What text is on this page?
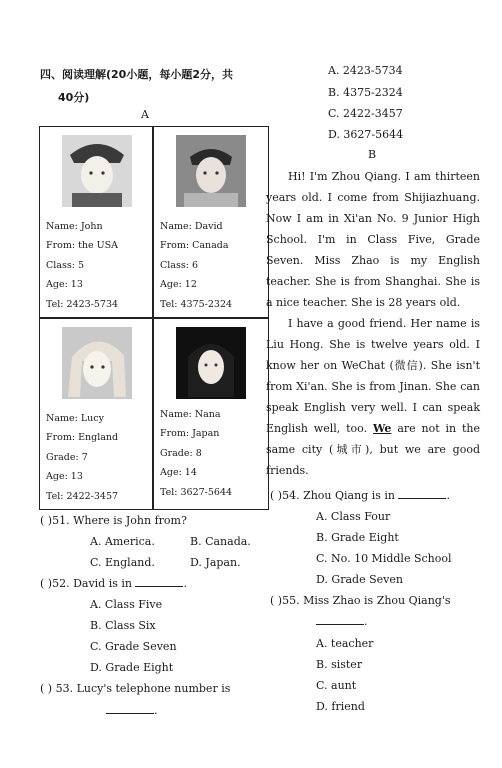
四、阅读理解(20小题，每小题2分，共
40分)
A
Name: John
From: the USA
Class: 5
Age: 13
Tel: 2423-5734
Name: David
From: Canada
Class: 6
Age: 12
Tel: 4375-2324
Name: Lucy
From: England
Grade: 7
Age: 13
Tel: 2422-3457
Name: Nana
From: Japan
Grade: 8
Age: 14
Tel: 3627-5644
( )51. Where is John from?
A. America.	B. Canada.
C. England.	D. Japan.
( )52. David is in	.
A. Class Five
B. Class Six
C. Grade Seven
D. Grade Eight
( ) 53. Lucy's telephone number is
.
A. 2423-5734
B. 4375-2324
C. 2422-3457
D. 3627-5644
B

Hi! I'm Zhou Qiang. I am thirteen years old. I come from Shijiazhuang. Now I am in Xi'an No. 9 Junior High School. I'm in Class Five, Grade Seven. Miss Zhao is my English teacher. She is from Shanghai. She is a nice teacher. She is 28 years old.

I have a good friend. Her name is Liu Hong. She is twelve years old. I know her on WeChat (微信). She isn't from Xi'an. She is from Jinan. She can speak English very well. I can speak English well, too. We are not in the same city (城市), but we are good friends.

( )54. Zhou Qiang is in	.
A. Class Four
B. Grade Eight
C. No. 10 Middle School
D. Grade Seven
( )55. Miss Zhao is Zhou Qiang's
.
A. teacher
B. sister
C. aunt
D. friend
